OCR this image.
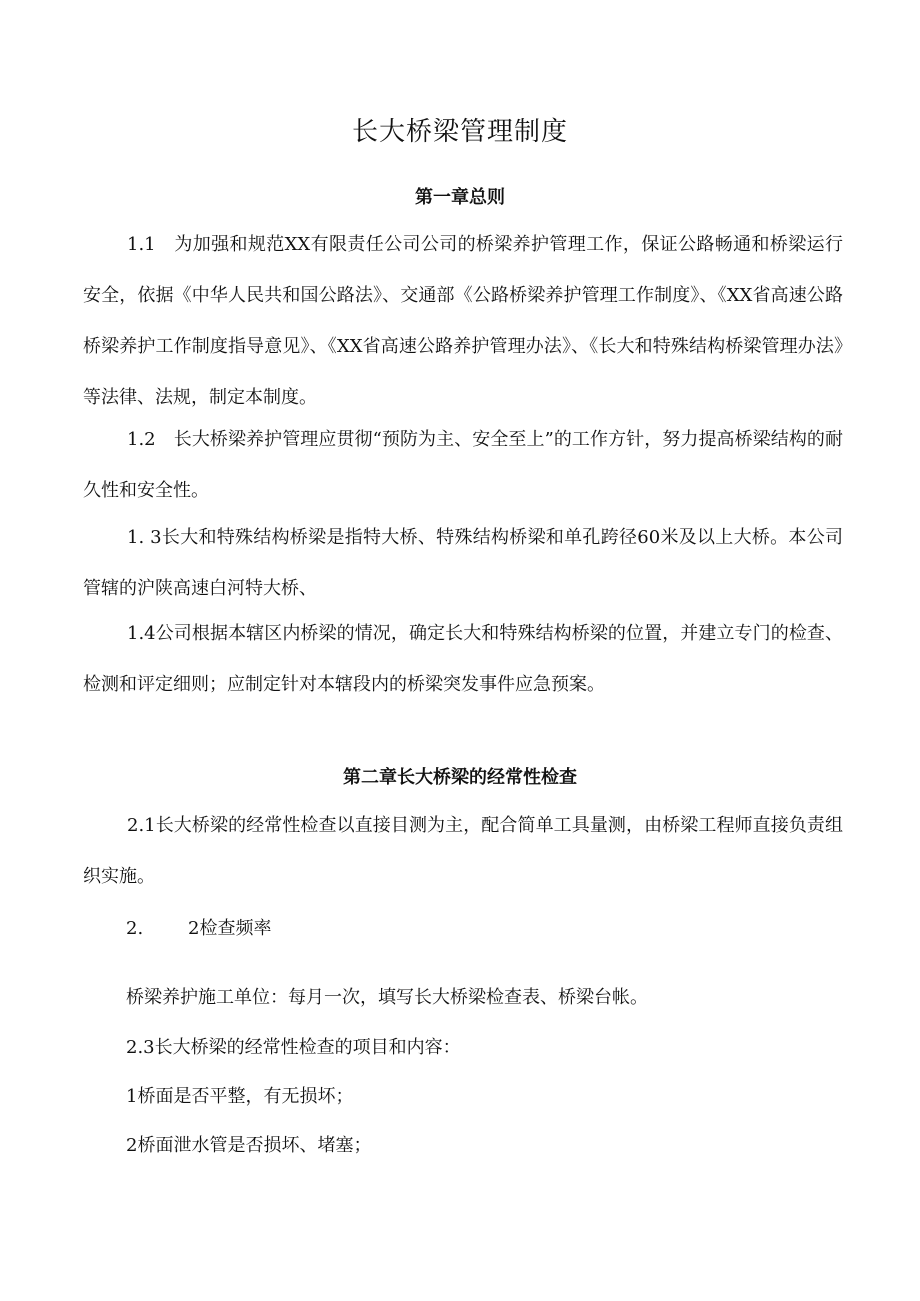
长大桥梁管理制度
第一章总则
1.1　为加强和规范XX有限责任公司公司的桥梁养护管理工作，保证公路畅通和桥梁运行安全，依据《中华人民共和国公路法》、交通部《公路桥梁养护管理工作制度》、《XX省高速公路桥梁养护工作制度指导意见》、《XX省高速公路养护管理办法》、《长大和特殊结构桥梁管理办法》等法律、法规，制定本制度。
1.2　长大桥梁养护管理应贯彻“预防为主、安全至上”的工作方针，努力提高桥梁结构的耐久性和安全性。
1. 3长大和特殊结构桥梁是指特大桥、特殊结构桥梁和单孔跨径60米及以上大桥。本公司管辖的沪陕高速白河特大桥、
1.4公司根据本辖区内桥梁的情况，确定长大和特殊结构桥梁的位置，并建立专门的检查、检测和评定细则；应制定针对本辖段内的桥梁突发事件应急预案。
第二章长大桥梁的经常性检查
2.1长大桥梁的经常性检查以直接目测为主，配合简单工具量测，由桥梁工程师直接负责组织实施。
2. 2检查频率
桥梁养护施工单位：每月一次，填写长大桥梁检查表、桥梁台帐。
2.3长大桥梁的经常性检查的项目和内容：
1桥面是否平整，有无损坏；
2桥面泄水管是否损坏、堵塞；
